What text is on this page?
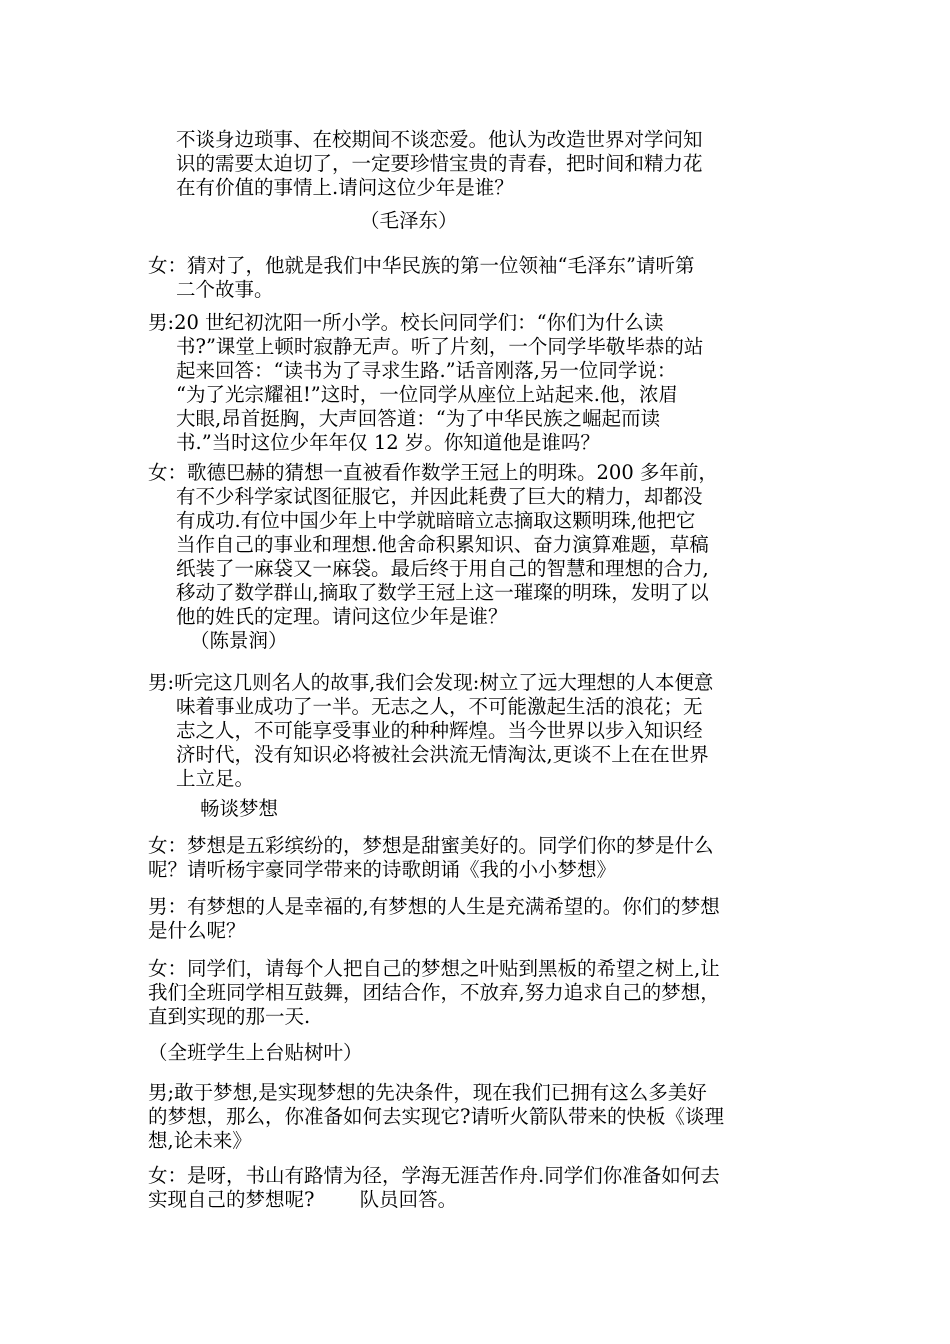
不谈身边琐事、在校期间不谈恋爱。他认为改造世界对学问知

识的需要太迫切了，一定要珍惜宝贵的青春，把时间和精力花

在有价值的事情上.请问这位少年是谁？

（毛泽东）

女：猜对了，他就是我们中华民族的第一位领袖“毛泽东”请听第

二个故事。

男:20 世纪初沈阳一所小学。校长问同学们：“你们为什么读

书?”课堂上顿时寂静无声。听了片刻，一个同学毕敬毕恭的站

起来回答：“读书为了寻求生路.”话音刚落,另一位同学说：

“为了光宗耀祖!”这时，一位同学从座位上站起来.他，浓眉

大眼,昂首挺胸，大声回答道：“为了中华民族之崛起而读

书.”当时这位少年年仅 12 岁。你知道他是谁吗？

女：歌德巴赫的猜想一直被看作数学王冠上的明珠。200 多年前，

有不少科学家试图征服它，并因此耗费了巨大的精力，却都没

有成功.有位中国少年上中学就暗暗立志摘取这颗明珠,他把它

当作自己的事业和理想.他舍命积累知识、奋力演算难题，草稿

纸装了一麻袋又一麻袋。最后终于用自己的智慧和理想的合力,

移动了数学群山,摘取了数学王冠上这一璀璨的明珠，发明了以

他的姓氏的定理。请问这位少年是谁？

（陈景润）

男:听完这几则名人的故事,我们会发现:树立了远大理想的人本便意

味着事业成功了一半。无志之人，不可能激起生活的浪花；无

志之人，不可能享受事业的种种辉煌。当今世界以步入知识经

济时代，没有知识必将被社会洪流无情淘汰,更谈不上在在世界

上立足。

畅谈梦想

女：梦想是五彩缤纷的，梦想是甜蜜美好的。同学们你的梦是什么

呢？请听杨宇豪同学带来的诗歌朗诵《我的小小梦想》

男：有梦想的人是幸福的,有梦想的人生是充满希望的。你们的梦想

是什么呢？

女：同学们，请每个人把自己的梦想之叶贴到黑板的希望之树上,让

我们全班同学相互鼓舞，团结合作，不放弃,努力追求自己的梦想，

直到实现的那一天.

（全班学生上台贴树叶）

男;敢于梦想,是实现梦想的先决条件，现在我们已拥有这么多美好

的梦想，那么，你准备如何去实现它?请听火箭队带来的快板《谈理

想,论未来》

女：是呀，书山有路情为径，学海无涯苦作舟.同学们你准备如何去

实现自己的梦想呢?　　 队员回答。
